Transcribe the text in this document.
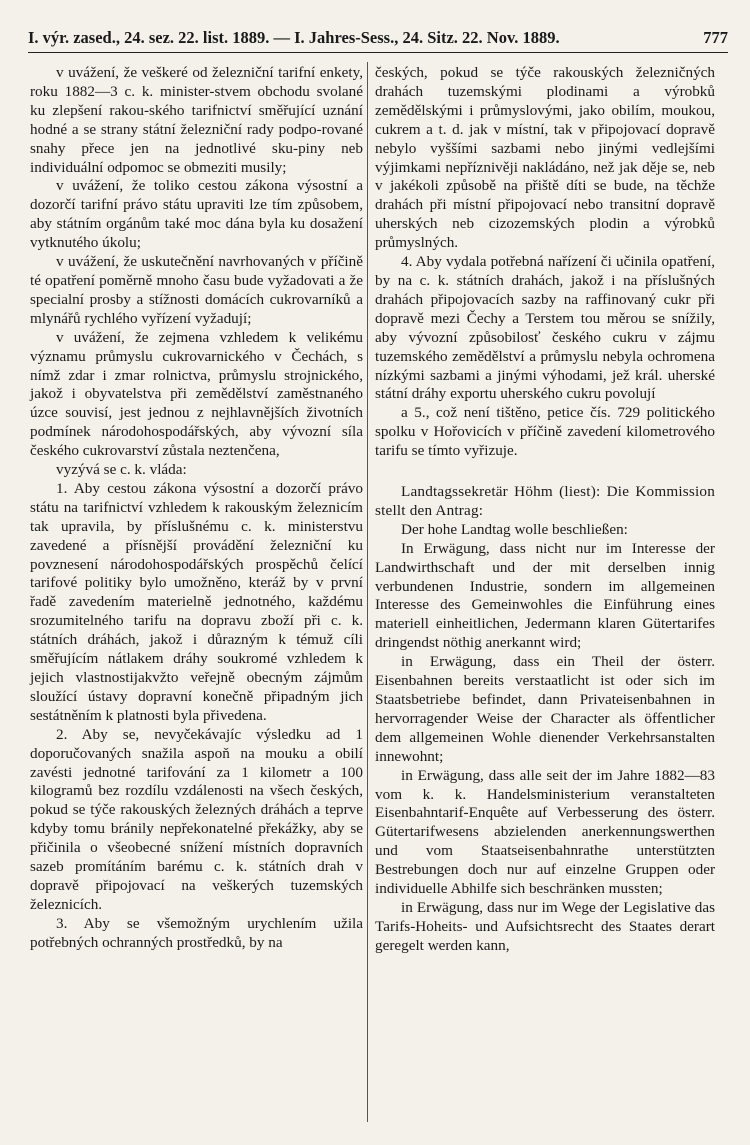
I. výr. zased., 24. sez. 22. list. 1889. — I. Jahres-Sess., 24. Sitz. 22. Nov. 1889.	777

v uvážení, že veškeré od železniční tarifní enkety, roku 1882—3 c. k. minister-stvem obchodu svolané ku zlepšení rakou-ského tarifnictví směřující uznání hodné a se strany státní železniční rady podpo-rované snahy přece jen na jednotlivé sku-piny neb individuální odpomoc se obmeziti musily;

v uvážení, že toliko cestou zákona výsostní a dozorčí tarifní právo státu upraviti lze tím způsobem, aby státním orgánům také moc dána byla ku dosažení vytknutého úkolu;

v uvážení, že uskutečnění navrhovaných v příčině té opatření poměrně mnoho času bude vyžadovati a že specialní prosby a stížnosti domácích cukrovarníků a mlynářů rychlého vyřízení vyžadují;

v uvážení, že zejmena vzhledem k velikému významu průmyslu cukrovarnického v Čechách, s nímž zdar i zmar rolnictva, průmyslu strojnického, jakož i obyvatelstva při zemědělství zaměstnaného úzce souvisí, jest jednou z nejhlavnějších životních podmínek národohospodářských, aby vývozní síla českého cukrovarství zůstala neztenčena,

vyzývá se c. k. vláda:

1. Aby cestou zákona výsostní a dozorčí právo státu na tarifnictví vzhledem k rakouským železnicím tak upravila, by příslušnému c. k. ministerstvu zavedené a přísnější provádění železniční ku povznesení národohospodářských prospěchů čelící tarifové politiky bylo umožněno, kteráž by v první řadě zavedením materielně jednotného, každému srozumitelného tarifu na dopravu zboží při c. k. státních dráhách, jakož i důrazným k témuž cíli směřujícím nátlakem dráhy soukromé vzhledem k jejich vlastnostijakvžto veřejně obecným zájmům sloužící ústavy dopravní konečně připadným jich sestátněním k platnosti byla přivedena.

2. Aby se, nevyčekávajíc výsledku ad 1 doporučovaných snažila aspoň na mouku a obilí zavésti jednotné tarifování za 1 kilometr a 100 kilogramů bez rozdílu vzdálenosti na všech českých, pokud se týče rakouských železných dráhách a teprve kdyby tomu bránily nepřekonatelné překážky, aby se přičinila o všeobecné snížení místních dopravních sazeb promítáním barému c. k. státních drah v dopravě připojovací na veškerých tuzemských železnicích.

3. Aby se všemožným urychlením užila potřebných ochranných prostředků, by na

českých, pokud se týče rakouských železničných drahách tuzemskými plodinami a výrobků zemědělskými i průmyslovými, jako obilím, moukou, cukrem a t. d. jak v místní, tak v připojovací dopravě nebylo vyššími sazbami nebo jinými vedlejšími výjimkami nepříznivěji nakládáno, než jak děje se, neb v jakékoli způsobě na přiště díti se bude, na těchže drahách při místní připojovací nebo transitní dopravě uherských neb cizozemských plodin a výrobků průmyslných.

4. Aby vydala potřebná nařízení či učinila opatření, by na c. k. státních drahách, jakož i na příslušných drahách připojovacích sazby na raffinovaný cukr při dopravě mezi Čechy a Terstem tou měrou se snížily, aby vývozní způsobilosť českého cukru v zájmu tuzemského zemědělství a průmyslu nebyla ochromena nízkými sazbami a jinými výhodami, jež král. uherské státní dráhy exportu uherského cukru povolují

a 5., což není tištěno, petice čís. 729 politického spolku v Hořovicích v příčině zavedení kilometrového tarifu se tímto vyřizuje.

Landtagssekretär Höhm (liest): Die Kommission stellt den Antrag:

Der hohe Landtag wolle beschließen:

In Erwägung, dass nicht nur im Interesse der Landwirthschaft und der mit derselben innig verbundenen Industrie, sondern im allgemeinen Interesse des Gemeinwohles die Einführung eines materiell einheitlichen, Jedermann klaren Gütertarifes dringendst nöthig anerkannt wird;

in Erwägung, dass ein Theil der österr. Eisenbahnen bereits verstaatlicht ist oder sich im Staatsbetriebe befindet, dann Privateisenbahnen in hervorragender Weise der Character als öffentlicher dem allgemeinen Wohle dienender Verkehrsanstalten innewohnt;

in Erwägung, dass alle seit der im Jahre 1882—83 vom k. k. Handelsministerium veranstalteten Eisenbahntarif-Enquête auf Verbesserung des österr. Gütertarifwesens abzielenden anerkennungswerthen und vom Staatseisenbahnrathe unterstützten Bestrebungen doch nur auf einzelne Gruppen oder individuelle Abhilfe sich beschränken mussten;

in Erwägung, dass nur im Wege der Legislative das Tarifs-Hoheits- und Aufsichtsrecht des Staates derart geregelt werden kann,
